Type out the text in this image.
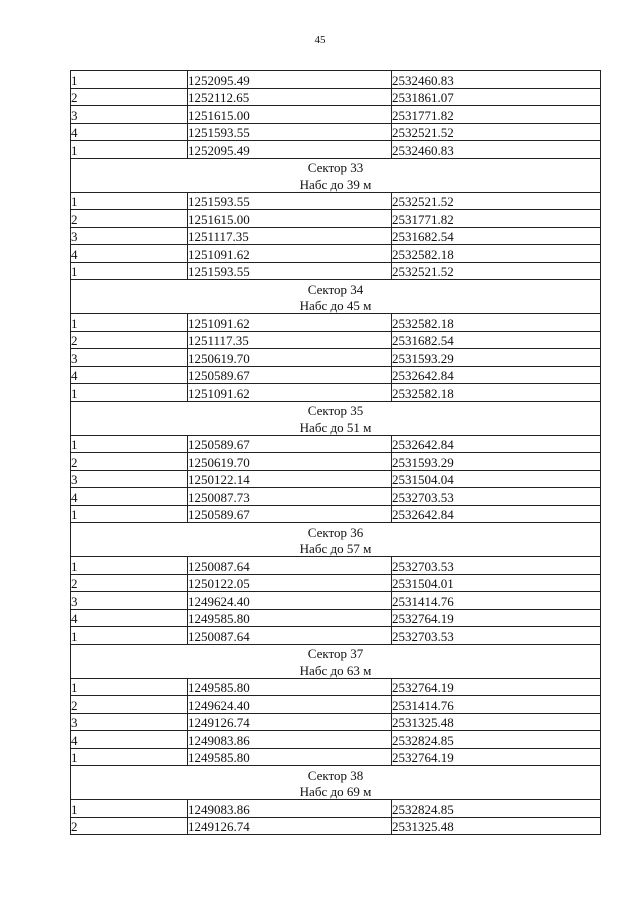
45
1	1252095.49	2532460.83
2	1252112.65	2531861.07
3	1251615.00	2531771.82
4	1251593.55	2532521.52
1	1252095.49	2532460.83
Сектор 33		
Набс до 39 м		
1	1251593.55	2532521.52
2	1251615.00	2531771.82
3	1251117.35	2531682.54
4	1251091.62	2532582.18
1	1251593.55	2532521.52
Сектор 34		
Набс до 45 м		
1	1251091.62	2532582.18
2	1251117.35	2531682.54
3	1250619.70	2531593.29
4	1250589.67	2532642.84
1	1251091.62	2532582.18
Сектор 35		
Набс до 51 м		
1	1250589.67	2532642.84
2	1250619.70	2531593.29
3	1250122.14	2531504.04
4	1250087.73	2532703.53
1	1250589.67	2532642.84
Сектор 36		
Набс до 57 м		
1	1250087.64	2532703.53
2	1250122.05	2531504.01
3	1249624.40	2531414.76
4	1249585.80	2532764.19
1	1250087.64	2532703.53
Сектор 37		
Набс до 63 м		
1	1249585.80	2532764.19
2	1249624.40	2531414.76
3	1249126.74	2531325.48
4	1249083.86	2532824.85
1	1249585.80	2532764.19
Сектор 38		
Набс до 69 м		
1	1249083.86	2532824.85
2	1249126.74	2531325.48
